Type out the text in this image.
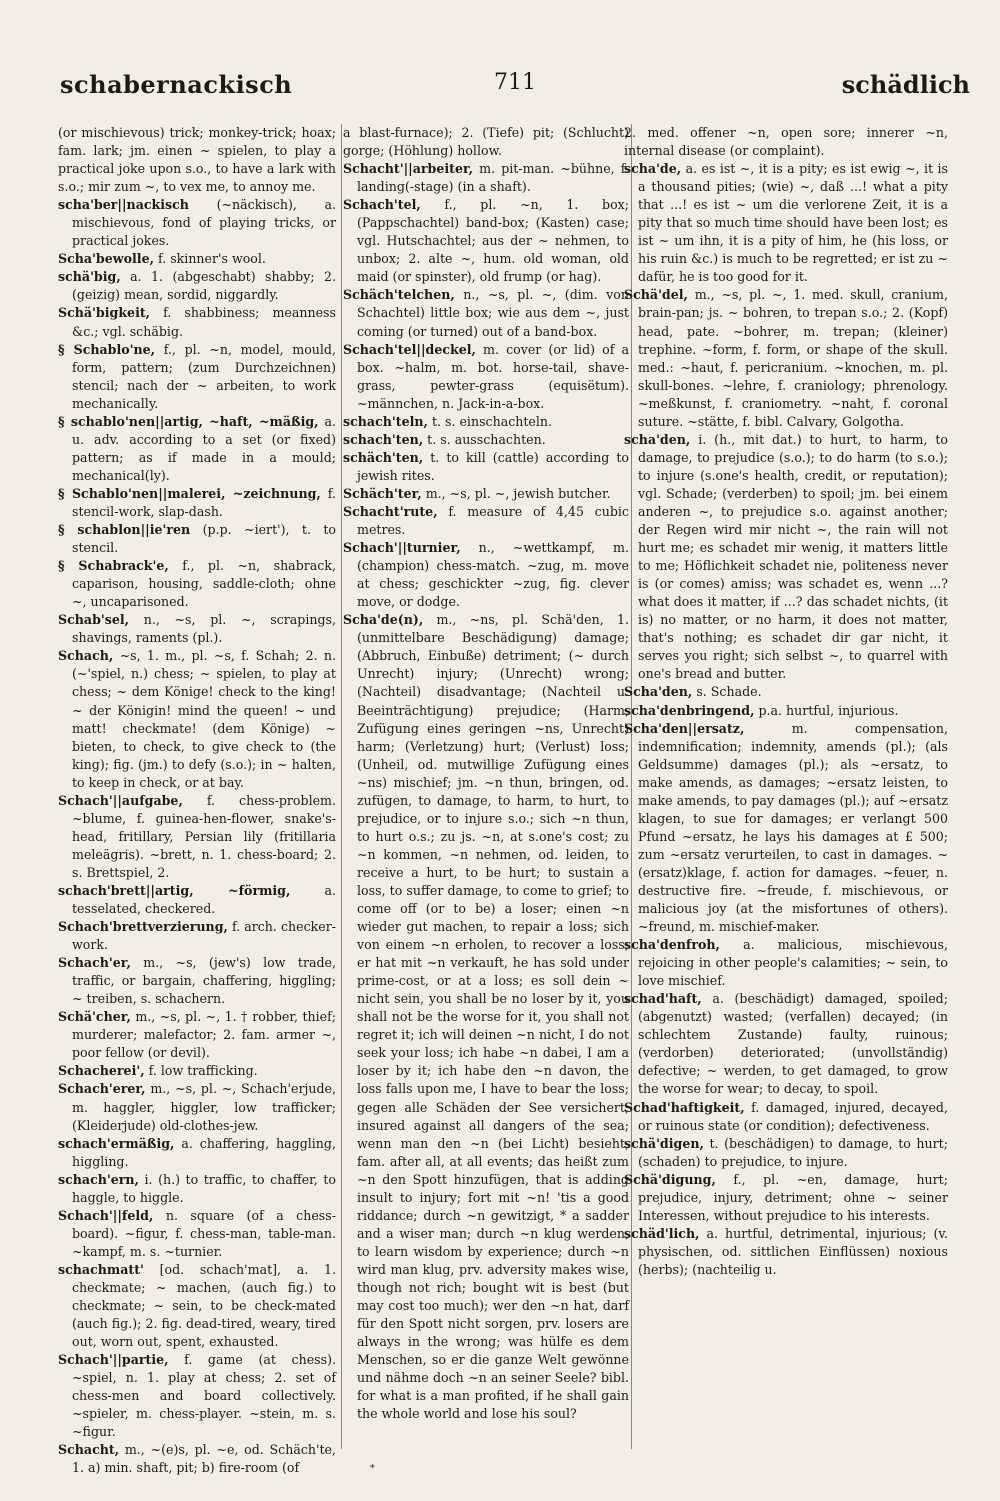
schabernackisch	711	schädlich

(or mischievous) trick; monkey-trick; hoax; fam. lark; jm. einen ~ spielen, to play a practical joke upon s.o., to have a lark with s.o.; mir zum ~, to vex me, to annoy me.

scha'ber||nackisch (~näckisch), a. mischievous, fond of playing tricks, or practical jokes.

Scha'bewolle, f. skinner's wool.

schä'big, a. 1. (abgeschabt) shabby; 2. (geizig) mean, sordid, niggardly.

Schä'bigkeit, f. shabbiness; meanness &c.; vgl. schäbig.

§ Schablo'ne, f., pl. ~n, model, mould, form, pattern; (zum Durchzeichnen) stencil; nach der ~ arbeiten, to work mechanically.

§ schablo'nen||artig, ~haft, ~mäßig, a. u. adv. according to a set (or fixed) pattern; as if made in a mould; mechanical(ly).

§ Schablo'nen||malerei, ~zeichnung, f. stencil-work, slap-dash.

§ schablon||ie'ren (p.p. ~iert'), t. to stencil.

§ Schabrack'e, f., pl. ~n, shabrack, caparison, housing, saddle-cloth; ohne ~, uncaparisoned.

Schab'sel, n., ~s, pl. ~, scrapings, shavings, raments (pl.).

Schach, ~s, 1. m., pl. ~s, f. Schah; 2. n. (~'spiel, n.) chess; ~ spielen, to play at chess; ~ dem Könige! check to the king! ~ der Königin! mind the queen! ~ und matt! checkmate! (dem Könige) ~ bieten, to check, to give check to (the king); fig. (jm.) to defy (s.o.); in ~ halten, to keep in check, or at bay.

Schach'||aufgabe, f. chess-problem. ~blume, f. guinea-hen-flower, snake's-head, fritillary, Persian lily (fritillaria meleägris). ~brett, n. 1. chess-board; 2. s. Brettspiel, 2.

schach'brett||artig, ~förmig,	a. tesselated, checkered.

Schach'brettverzierung, f. arch. checker-work.

Schach'er, m., ~s, (jew's) low trade, traffic, or bargain, chaffering, higgling; ~ treiben, s. schachern.

Schä'cher, m., ~s, pl. ~, 1. † robber, thief; murderer; malefactor; 2. fam. armer ~, poor fellow (or devil).

Schacherei', f. low trafficking.

Schach'erer, m., ~s, pl. ~, Schach'erjude, m. haggler, higgler, low trafficker; (Kleiderjude) old-clothes-jew.

schach'ermäßig, a. chaffering, haggling, higgling.

schach'ern, i. (h.) to traffic, to chaffer, to haggle, to higgle.

Schach'||feld, n. square (of a chess-board). ~figur, f. chess-man, table-man. ~kampf, m. s. ~turnier.

schachmatt' [od. schach'mat], a. 1. checkmate; ~ machen, (auch fig.) to checkmate; ~ sein, to be check-mated (auch fig.); 2. fig. dead-tired, weary, tired out, worn out, spent, exhausted.

Schach'||partie, f. game (at chess). ~spiel, n. 1. play at chess; 2. set of chess-men and board collectively. ~spieler, m. chess-player. ~stein, m. s. ~figur.

Schacht, m., ~(e)s, pl. ~e, od. Schäch'te, 1. a) min. shaft, pit; b) fire-room (of

a blast-furnace); 2. (Tiefe) pit; (Schlucht) gorge; (Höhlung) hollow.

Schacht'||arbeiter, m. pit-man. ~bühne, f. landing(-stage) (in a shaft).

Schach'tel, f., pl. ~n, 1. box; (Pappschachtel) band-box; (Kasten) case; vgl. Hutschachtel; aus der ~ nehmen, to unbox; 2. alte ~, hum. old woman, old maid (or spinster), old frump (or hag).

Schäch'telchen, n., ~s, pl. ~, (dim. von Schachtel) little box; wie aus dem ~, just coming (or turned) out of a band-box.

Schach'tel||deckel, m. cover (or lid) of a box. ~halm, m. bot. horse-tail, shave-grass, pewter-grass (equisëtum). ~männchen, n. Jack-in-a-box.

schach'teln, t. s. einschachteln.

schach'ten, t. s. ausschachten.

schäch'ten, t. to kill (cattle) according to jewish rites.

Schäch'ter, m., ~s, pl. ~, jewish butcher.

Schacht'rute, f. measure of 4,45 cubic metres.

Schach'||turnier, n., ~wettkampf, m. (champion) chess-match. ~zug, m. move at chess; geschickter ~zug, fig. clever move, or dodge.

Scha'de(n), m., ~ns, pl. Schä'den, 1. (unmittelbare Beschädigung) damage; (Abbruch, Einbuße) detriment; (~ durch Unrecht) injury; (Unrecht) wrong; (Nachteil) disadvantage; (Nachteil u. Beeinträchtigung) prejudice; (Harm, Zufügung eines geringen ~ns, Unrecht) harm; (Verletzung) hurt; (Verlust) loss; (Unheil, od. mutwillige Zufügung eines ~ns) mischief; jm. ~n thun, bringen, od. zufügen, to damage, to harm, to hurt, to prejudice, or to injure s.o.; sich ~n thun, to hurt o.s.; zu js. ~n, at s.one's cost; zu ~n kommen, ~n nehmen, od. leiden, to receive a hurt, to be hurt; to sustain a loss, to suffer damage, to come to grief; to come off (or to be) a loser; einen ~n wieder gut machen, to repair a loss; sich von einem ~n erholen, to recover a loss; er hat mit ~n verkauft, he has sold under prime-cost, or at a loss; es soll dein ~ nicht sein, you shall be no loser by it, you shall not be the worse for it, you shall not regret it; ich will deinen ~n nicht, I do not seek your loss; ich habe ~n dabei, I am a loser by it; ich habe den ~n davon, the loss falls upon me, I have to bear the loss; gegen alle Schäden der See versichert, insured against all dangers of the sea; wenn man den ~n (bei Licht) besieht, fam. after all, at all events; das heißt zum ~n den Spott hinzufügen, that is adding insult to injury; fort mit ~n! 'tis a good riddance; durch ~n gewitzigt, * a sadder and a wiser man; durch ~n klug werden, to learn wisdom by experience; durch ~n wird man klug, prv. adversity makes wise, though not rich; bought wit is best (but may cost too much); wer den ~n hat, darf für den Spott nicht sorgen, prv. losers are always in the wrong; was hülfe es dem Menschen, so er die ganze Welt gewönne und nähme doch ~n an seiner Seele? bibl. for what is a man profited, if he shall gain the whole world and lose his soul?

2. med. offener ~n, open sore; innerer ~n, internal disease (or complaint).

scha'de, a. es ist ~, it is a pity; es ist ewig ~, it is a thousand pities; (wie) ~, daß ...! what a pity that ...! es ist ~ um die verlorene Zeit, it is a pity that so much time should have been lost; es ist ~ um ihn, it is a pity of him, he (his loss, or his ruin &c.) is much to be regretted; er ist zu ~ dafür, he is too good for it.

Schä'del, m., ~s, pl. ~, 1. med. skull, cranium, brain-pan; js. ~ bohren, to trepan s.o.; 2. (Kopf) head, pate. ~bohrer, m. trepan; (kleiner) trephine. ~form, f. form, or shape of the skull. med.: ~haut, f. pericranium. ~knochen, m. pl. skull-bones. ~lehre, f. craniology; phrenology. ~meßkunst, f. craniometry. ~naht, f. coronal suture. ~stätte, f. bibl. Calvary, Golgotha.

scha'den, i. (h., mit dat.) to hurt, to harm, to damage, to prejudice (s.o.); to do harm (to s.o.); to injure (s.one's health, credit, or reputation); vgl. Schade; (verderben) to spoil; jm. bei einem anderen ~, to prejudice s.o. against another; der Regen wird mir nicht ~, the rain will not hurt me; es schadet mir wenig, it matters little to me; Höflichkeit schadet nie, politeness never is (or comes) amiss; was schadet es, wenn ...? what does it matter, if ...? das schadet nichts, (it is) no matter, or no harm, it does not matter, that's nothing; es schadet dir gar nicht, it serves you right; sich selbst ~, to quarrel with one's bread and butter.

Scha'den, s. Schade.

scha'denbringend, p.a. hurtful, injurious.

Scha'den||ersatz,	m. compensation, indemnification; indemnity, amends (pl.); (als Geldsumme) damages (pl.); als ~ersatz, to make amends, as damages; ~ersatz leisten, to make amends, to pay damages (pl.); auf ~ersatz klagen, to sue for damages; er verlangt 500 Pfund ~ersatz, he lays his damages at £ 500; zum ~ersatz verurteilen, to cast in damages. ~(ersatz)klage, f. action for damages. ~feuer, n. destructive fire. ~freude, f. mischievous, or malicious joy (at the misfortunes of others). ~freund, m. mischief-maker.

scha'denfroh, a. malicious, mischievous, rejoicing in other people's calamities; ~ sein, to love mischief.

schad'haft, a. (beschädigt) damaged, spoiled; (abgenutzt) wasted; (verfallen) decayed; (in schlechtem Zustande) faulty, ruinous; (verdorben) deteriorated; (unvollständig) defective; ~ werden, to get damaged, to grow the worse for wear; to decay, to spoil.

Schad'haftigkeit, f. damaged, injured, decayed, or ruinous state (or condition); defectiveness.

schä'digen, t. (beschädigen) to damage, to hurt; (schaden) to prejudice, to injure.

Schä'digung, f., pl. ~en, damage, hurt; prejudice, injury, detriment; ohne ~ seiner Interessen, without prejudice to his interests.

schäd'lich, a. hurtful, detrimental, injurious; (v. physischen, od. sittlichen Einflüssen) noxious (herbs); (nachteilig u.

*
